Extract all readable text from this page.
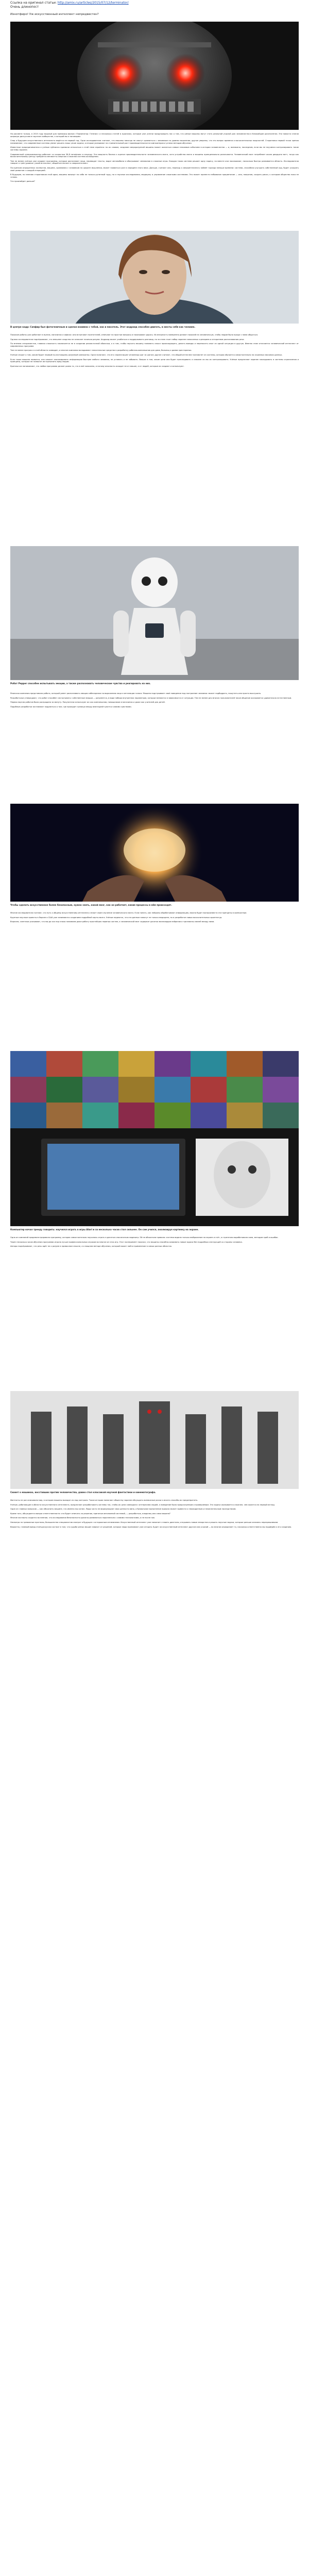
Ссылка на оригинал статьи: http://amix.ru/articles/2015/07/12/terminator/
Очень длинопост
Изнотфиро! Уж искусственный интеллект непредвестен?

На рассвете только, в 2015 году вышлый для премьеры фильм «Терминатор: Генезис» и несколько статей в журналах, которые уже успели предупредить нас о том, что умные машины могут стать реальной угрозой для человечества в ближайшие десятилетия. Эти новости сплели широкую дискуссию в научном сообществе, о которой мы и поговорим.

Спор о будущем искусственного интеллекта ведётся не первый год. Одни исследователи считают, что машины никогда не смогут сравниться с человеком по уровню мышления; другие уверены, что это вопрос времени и вычислительных мощностей. Сторонники первой точки зрения напоминают, что современные системы умеют решать лишь узкие задачи, а вторые указывают на стремительный рост производительности компьютеров и успехи методов обучения.

Известные предприниматели и учёные публично призвали относиться к этой теме серьёзно: по их словам, создание сверхразумной машины может оказаться самым значимым событием в истории человечества — и, возможно, последним, если мы не научимся контролировать такие системы заранее.

Современный суперкомпьютер работает со скоростью 36,8 петафлопс в секунду. Эта мощность близка к оценке производительности человеческого мозга, хотя устройство мозга и машины принципиально различаются. Человеческий мозг потребляет около двадцати ватт, тогда как вычислительному центру требуются мегаватты энергии и сложная система охлаждения.

Тем не менее учёные уже создают программы, которые распознают лица, переводят тексты, водят автомобили и обыгрывают чемпионов в сложные игры. Каждая такая система решает одну задачу, но вместе они показывают, насколько быстро развивается область. Исследователи говорят о трёх уровнях: узкий интеллект, общий интеллект и сверхинтеллект.

По оценкам опрошенных экспертов, машина, сравнимая с человеком по широте мышления, может появиться уже в середине этого века. Дальше, считают они, переход к сверхинтеллекту займёт гораздо меньше времени: система, способная улучшать собственный код, будет ускорять своё развитие с каждой итерацией.

В будущем, по мнению сторонников этой идеи, машины возьмут на себя не только рутинный труд, но и научные исследования, медицину и управление сложными системами. Это может принести небывалое процветание — или, напротив, создать риски, к которым общество пока не готово.

Что произойдет дальше?

В центре кадр: Сапфир был фотогеничным и сделан взаимно с тобой, как и писатель. Этот андроид способен двигать, и жесты себя как человек.

Похожие роботы уже работают в музеях, магазинах и офисах: они встречают посетителей, отвечают на простые вопросы и показывают дорогу. Их внешность намеренно делают похожей на человеческую, чтобы людям было проще с ними общаться.

Однако исследователи подчёркивают, что внешнее сходство не означает наличия разума. Андроид может улыбаться и поддерживать разговор, но за этим стоит набор заранее написанных сценариев и алгоритмов распознавания речи.

По мнению специалистов, главная сложность заключается не в создании реалистичной оболочки, а в том, чтобы научить машину понимать смысл происходящего, делать выводы и переносить опыт из одной ситуации в другую. Именно этим отличается человеческий интеллект от современных программ.

Тем не менее прогресс в этой области очевиден, и многие компании вкладывают значительные средства в разработку роботов-компаньонов для дома, больниц и домов престарелых.

Учёные спорят о том, каким будет первый по-настоящему разумный компьютер. Одни полагают, что его спроектируют инженеры шаг за шагом; другие считают, что общий интеллект возникнет из системы, которая обучается самостоятельно на огромных массивах данных.

Если такая машина появится, она сможет анализировать информацию быстрее любого человека, не уставать и не забывать. Вопрос в том, какие цели она будет преследовать и сможем ли мы их контролировать. Учёные предлагают заранее закладывать в системы ограничения и принципы, которые не позволят им причинить вред людям.

Критики же напоминают, что любая программа делает ровно то, что в неё заложено, и потому опасность исходит не от машин, а от людей, которые их создают и используют.

Робот Pepper способен испытывать эмоции, а также распознавать человеческие чувства и реагировать на них.

Японская компания представила робота, который умеет распознавать эмоции собеседника по выражению лица и интонации голоса. Машина подстраивает своё поведение под настроение человека: может подбодрить, пошутить или просто выслушать.

Разработчики утверждают, что робот способен «испытывать» собственные эмоции — разумеется, в виде набора внутренних параметров, которые меняются в зависимости от ситуации. Тем не менее для многих пользователей такое общение оказывается удивительно естественным.

Первая партия роботов была распродана за минуту. Покупатели используют их как компаньонов, помощников в магазинах и даже как учителей для детей.

Подобные разработки заставляют задуматься о том, где проходит граница между имитацией чувств и самими чувствами.

Чтобы сделать искусственное более безопасным, нужно знать, какой мозг, как он работает, какие процессы в нём происходят.

Многие исследователи считают, что путь к общему искусственному интеллекту лежит через изучение человеческого мозга. Если понять, как нейроны обрабатывают информацию, можно будет воспроизвести эти принципы в компьютере.

Крупные научные проекты в Европе и США уже занимаются созданием подробной карты мозга. Учёные надеются, что эти данные помогут не только медицине, но и разработке новых вычислительных архитектур.

Впрочем, скептики указывают, что мы до сих пор плохо понимаем даже работу простейших нервных систем, а человеческий мозг содержит десятки миллиардов нейронов и триллионы связей между ними.

Компьютер начал тренду говорить: научился играть в игры Atari и за несколько часов стал сильнее. Он сам учился, анализируя картинку на экране.

Одна из компаний продемонстрировала программу, которая самостоятельно научилась играть в десятки классических видеоигр. Ей не объясняли правила: система видела только изображение на экране и счёт, а стратегию вырабатывала сама, методом проб и ошибок.

Через несколько часов обучения программа играла лучше профессиональных игроков во многие из этих игр. Этот эксперимент показал, что машины способны осваивать новые задачи без подробных инструкций со стороны человека.

Авторы подчёркивают, что речь идёт не о разуме в привычном смысле, а о мощном методе обучения, который может найти применение в самых разных областях.

Сюжет о машинах, восставших против человечества, давно стал классикой научной фантастики и кинематографа.

Фантасты не раз описывали мир, в котором машины выходят из-под контроля. Такие истории помогают обществу заранее обсуждать возможные риски и искать способы их предотвратить.

Учёные, работающие в области искусственного интеллекта, предлагают разрабатывать системы так, чтобы их цели совпадали с интересами людей, а поведение было предсказуемым и проверяемым. Эта задача оказывается сложнее, чем кажется на первый взгляд.

Один из главных вопросов — как объяснить машине, что именно мы хотим. Люди часто не формулируют свои ценности явно, а буквальное выполнение приказа может привести к неожиданным и нежелательным последствиям.

Кроме того, обсуждается вопрос ответственности: кто будет отвечать за решения, принятые автономной системой, — разработчик, владелец или сама машина?

Многие эксперты сходятся во мнении, что исследования безопасности должны развиваться параллельно с самими технологиями, а не после них.

Несмотря на тревожные прогнозы, большинство специалистов смотрят в будущее с осторожным оптимизмом. Искусственный интеллект уже помогает ставить диагнозы, открывать новые лекарства и решать научные задачи, которые раньше казались неразрешимыми.

Вероятно, главный вывод этой дискуссии состоит в том, что судьба умных машин зависит от решений, которые люди принимают уже сегодня. Будет ли искусственный интеллект другом или угрозой — во многом определяет то, насколько ответственно мы подойдём к его созданию.
